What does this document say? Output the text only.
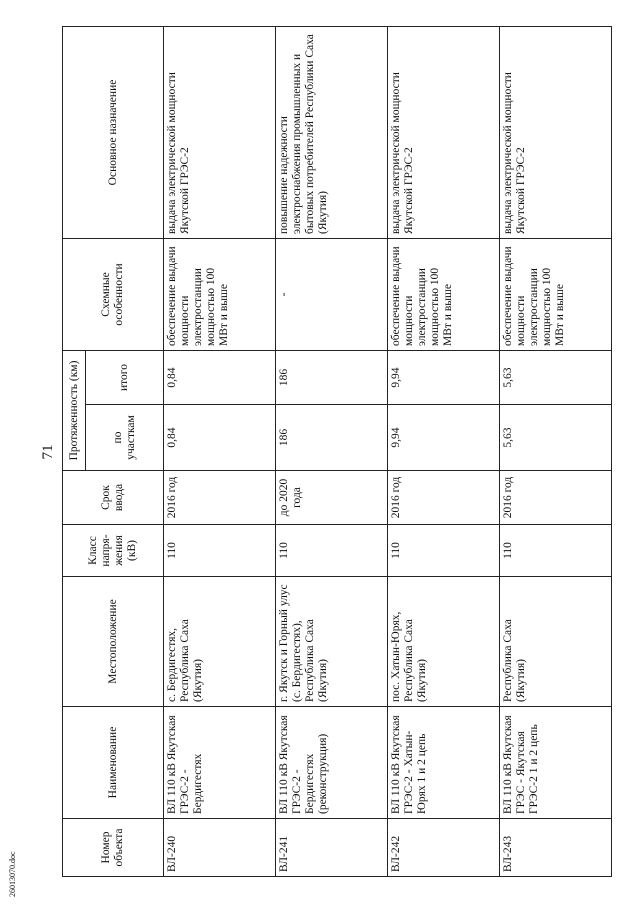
71
Номер объекта	Наименование	Местоположение	Класс напря-жения (кВ)	Срок ввода	Протяженность (км)		Схемные особенности	Основное назначение
					по участкам	итого		
ВЛ-240	ВЛ 110 кВ Якутская ГРЭС-2 - Бердигестях	с. Бердигестях, Республика Саха (Якутия)	110	2016 год	0,84	0,84	обеспечение выдачи мощности электростанции мощностью 100 МВт и выше	выдача электрической мощности Якутской ГРЭС-2
ВЛ-241	ВЛ 110 кВ Якутская ГРЭС-2 - Бердигестях (реконструкция)	г. Якутск и Горный улус (с. Бердигестях), Республика Саха (Якутия)	110	до 2020 года	186	186	-	повышение надежности электроснабжения промышленных и бытовых потребителей Республики Саха (Якутия)
ВЛ-242	ВЛ 110 кВ Якутская ГРЭС-2 - Хатын-Юрях 1 и 2 цепь	пос. Хатын-Юрях, Республика Саха (Якутия)	110	2016 год	9,94	9,94	обеспечение выдачи мощности электростанции мощностью 100 МВт и выше	выдача электрической мощности Якутской ГРЭС-2
ВЛ-243	ВЛ 110 кВ Якутская ГРЭС - Якутская ГРЭС-2 1 и 2 цепь	Республика Саха (Якутия)	110	2016 год	5,63	5,63	обеспечение выдачи мощности электростанции мощностью 100 МВт и выше	выдача электрической мощности Якутской ГРЭС-2
26013070.doc
